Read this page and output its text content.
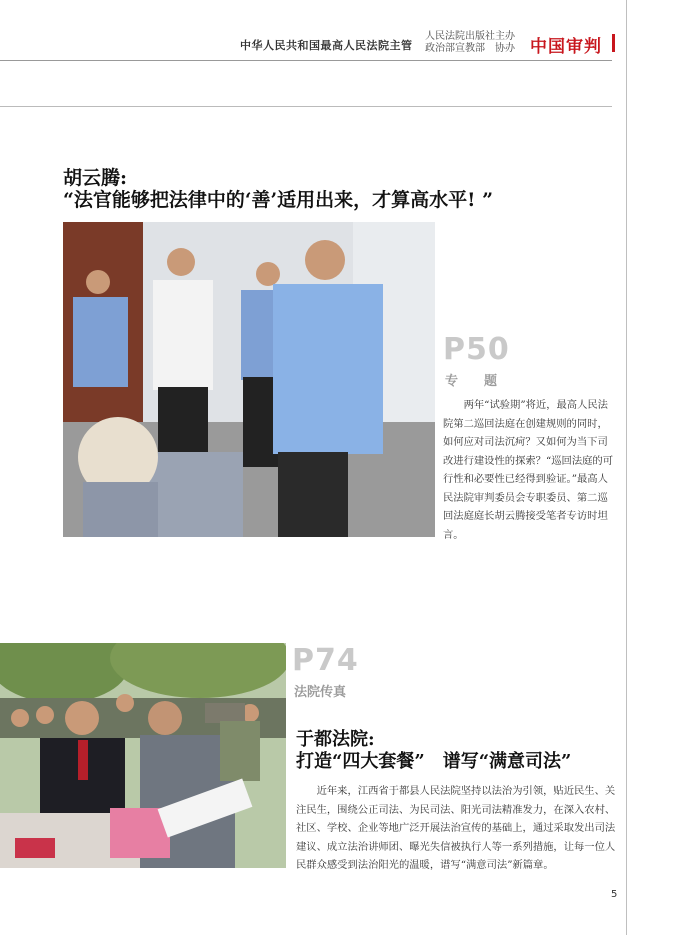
中华人民共和国最高人民法院主管
人民法院出版社主办
政治部宣教部　协办 中国审判
胡云腾:
“法官能够把法律中的‘善’适用出来，才算高水平! ”
P50
专　　题
两年“试验期”将近，最高人民法院第二巡回法庭在创建规则的同时，如何应对司法沉疴？又如何为当下司改进行建设性的探索？“巡回法庭的可行性和必要性已经得到验证。”最高人民法院审判委员会专职委员、第二巡回法庭庭长胡云腾接受笔者专访时坦言。
P74
法院传真
于都法院:
打造“四大套餐”　谱写“满意司法”
近年来，江西省于都县人民法院坚持以法治为引领，贴近民生、关注民生，围绕公正司法、为民司法、阳光司法精准发力，在深入农村、社区、学校、企业等地广泛开展法治宣传的基础上，通过采取发出司法建议、成立法治讲师团、曝光失信被执行人等一系列措施，让每一位人民群众感受到法治阳光的温暖，谱写“满意司法”新篇章。
5
